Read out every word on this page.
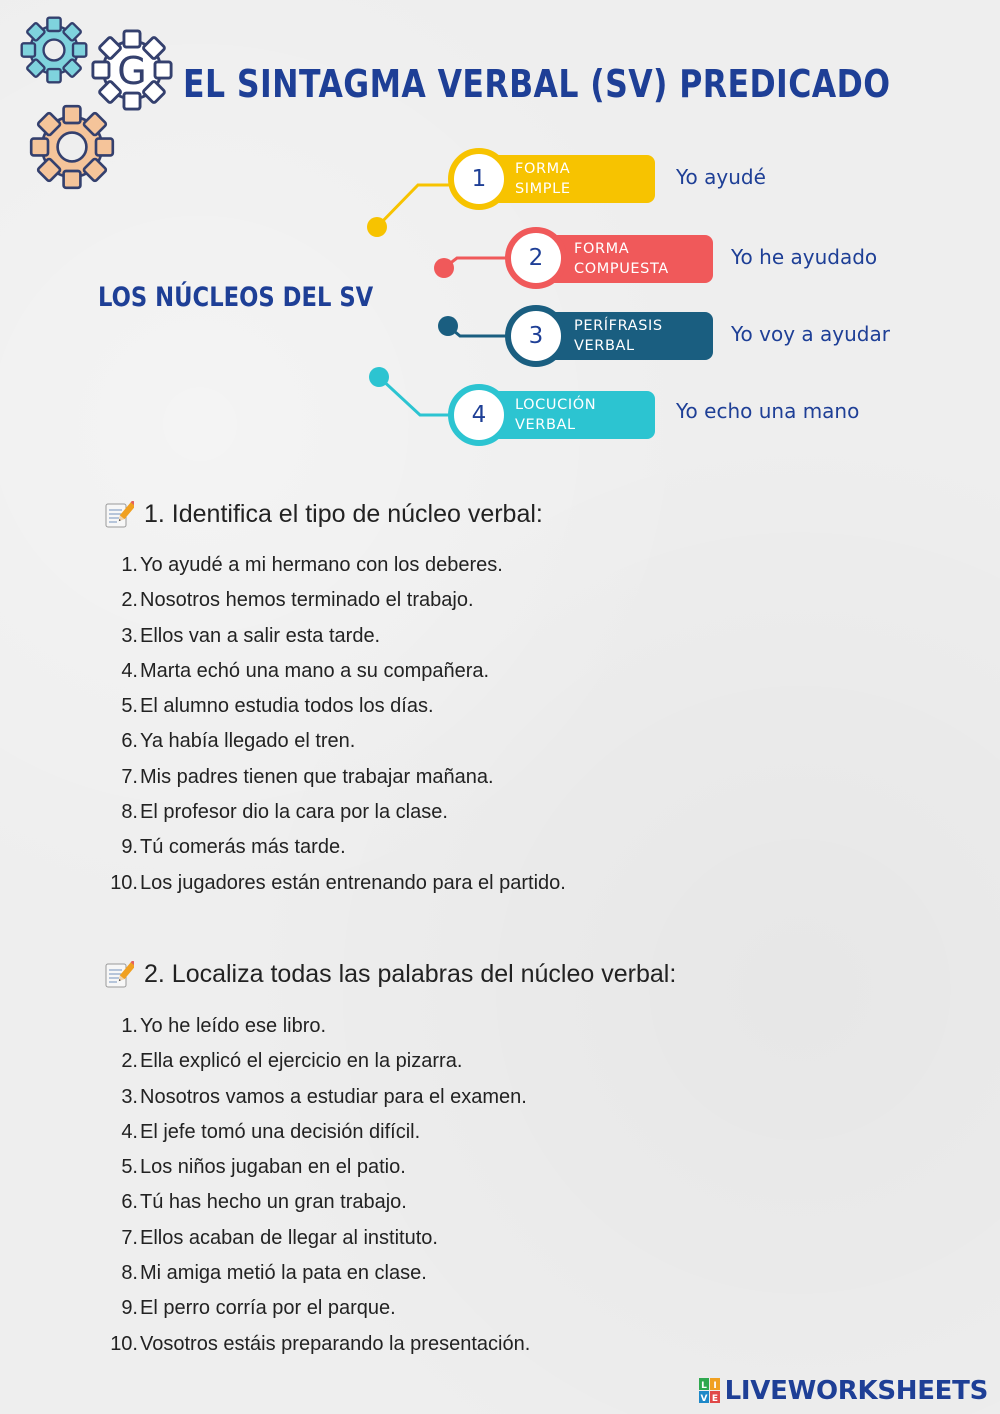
G EL SINTAGMA VERBAL (SV) PREDICADO
LOS NÚCLEOS DEL SV
FORMA
SIMPLE
1	Yo ayudé
FORMA
COMPUESTA
2	Yo he ayudado
PERÍFRASIS
VERBAL
3	Yo voy a ayudar
LOCUCIÓN
VERBAL
4	Yo echo una mano
1. Identifica el tipo de núcleo verbal:
1. Yo ayudé a mi hermano con los deberes.
2. Nosotros hemos terminado el trabajo.
3. Ellos van a salir esta tarde.
4. Marta echó una mano a su compañera.
5. El alumno estudia todos los días.
6. Ya había llegado el tren.
7. Mis padres tienen que trabajar mañana.
8. El profesor dio la cara por la clase.
9. Tú comerás más tarde.
10. Los jugadores están entrenando para el partido.
2. Localiza todas las palabras del núcleo verbal:
1. Yo he leído ese libro.
2. Ella explicó el ejercicio en la pizarra.
3. Nosotros vamos a estudiar para el examen.
4. El jefe tomó una decisión difícil.
5. Los niños jugaban en el patio.
6. Tú has hecho un gran trabajo.
7. Ellos acaban de llegar al instituto.
8. Mi amiga metió la pata en clase.
9. El perro corría por el parque.
10. Vosotros estáis preparando la presentación.
L I
V E LIVEWORKSHEETS
